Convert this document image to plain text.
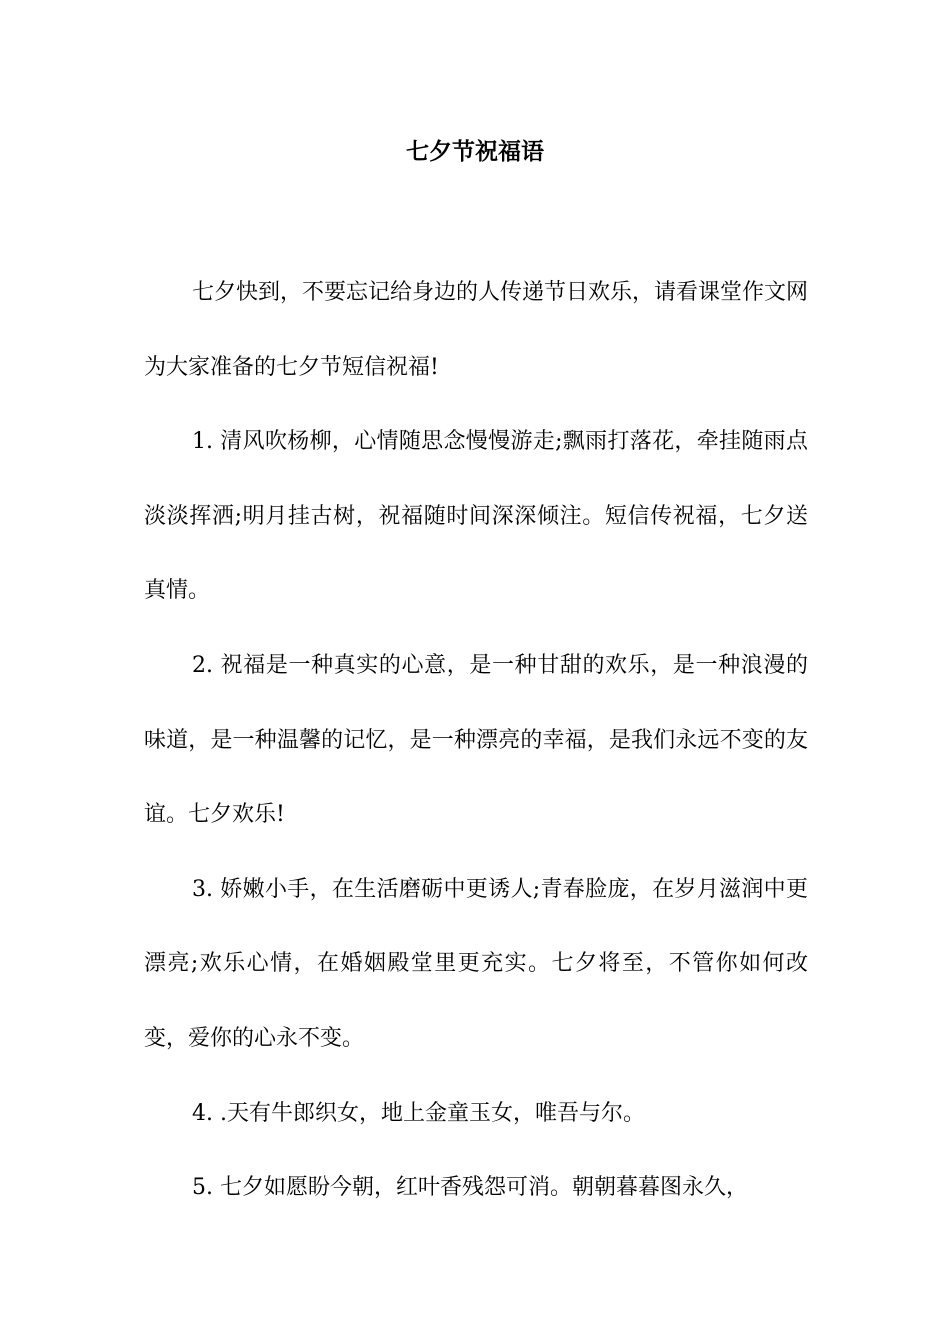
七夕节祝福语

七夕快到，不要忘记给身边的人传递节日欢乐，请看课堂作文网为大家准备的七夕节短信祝福!

1. 清风吹杨柳，心情随思念慢慢游走;飘雨打落花，牵挂随雨点淡淡挥洒;明月挂古树，祝福随时间深深倾注。短信传祝福，七夕送真情。

2. 祝福是一种真实的心意，是一种甘甜的欢乐，是一种浪漫的味道，是一种温馨的记忆，是一种漂亮的幸福，是我们永远不变的友谊。七夕欢乐!

3. 娇嫩小手，在生活磨砺中更诱人;青春脸庞，在岁月滋润中更漂亮;欢乐心情，在婚姻殿堂里更充实。七夕将至，不管你如何改变，爱你的心永不变。

4. .天有牛郎织女，地上金童玉女，唯吾与尔。

5. 七夕如愿盼今朝，红叶香残怨可消。朝朝暮暮图永久，
